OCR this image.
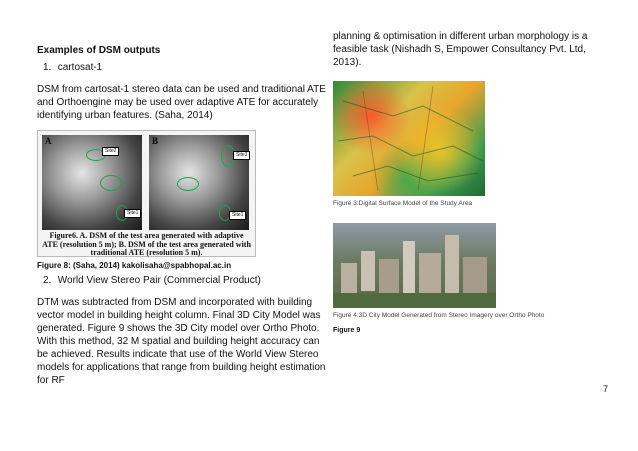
Examples of DSM outputs
1. cartosat-1
DSM from cartosat-1 stereo data can be used and traditional ATE and Orthoengine may be used over adaptive ATE for accurately identifying urban features. (Saha, 2014)
A
Site2
Site1
B
Site3
Site1
Figure6. A. DSM of the test area generated with adaptive
ATE (resolution 5 m); B. DSM of the test area generated with
traditional ATE (resolution 5 m).
Figure 8: (Saha, 2014) kakolisaha@spabhopal.ac.in
2. World View Stereo Pair (Commercial Product)
DTM was subtracted from DSM and incorporated with building vector model in building height column. Final 3D City Model was generated. Figure 9 shows the 3D City model over Ortho Photo. With this method, 32 M spatial and building height accuracy can be achieved. Results indicate that use of the World View Stereo models for applications that range from building height estimation for RF
planning & optimisation in different urban morphology is a feasible task (Nishadh S, Empower Consultancy Pvt. Ltd, 2013).
Figure 3:Digital Surface Model of the Study Area
Figure 4:3D City Model Generated from Stereo Imagery over Ortho Photo
Figure 9
7
